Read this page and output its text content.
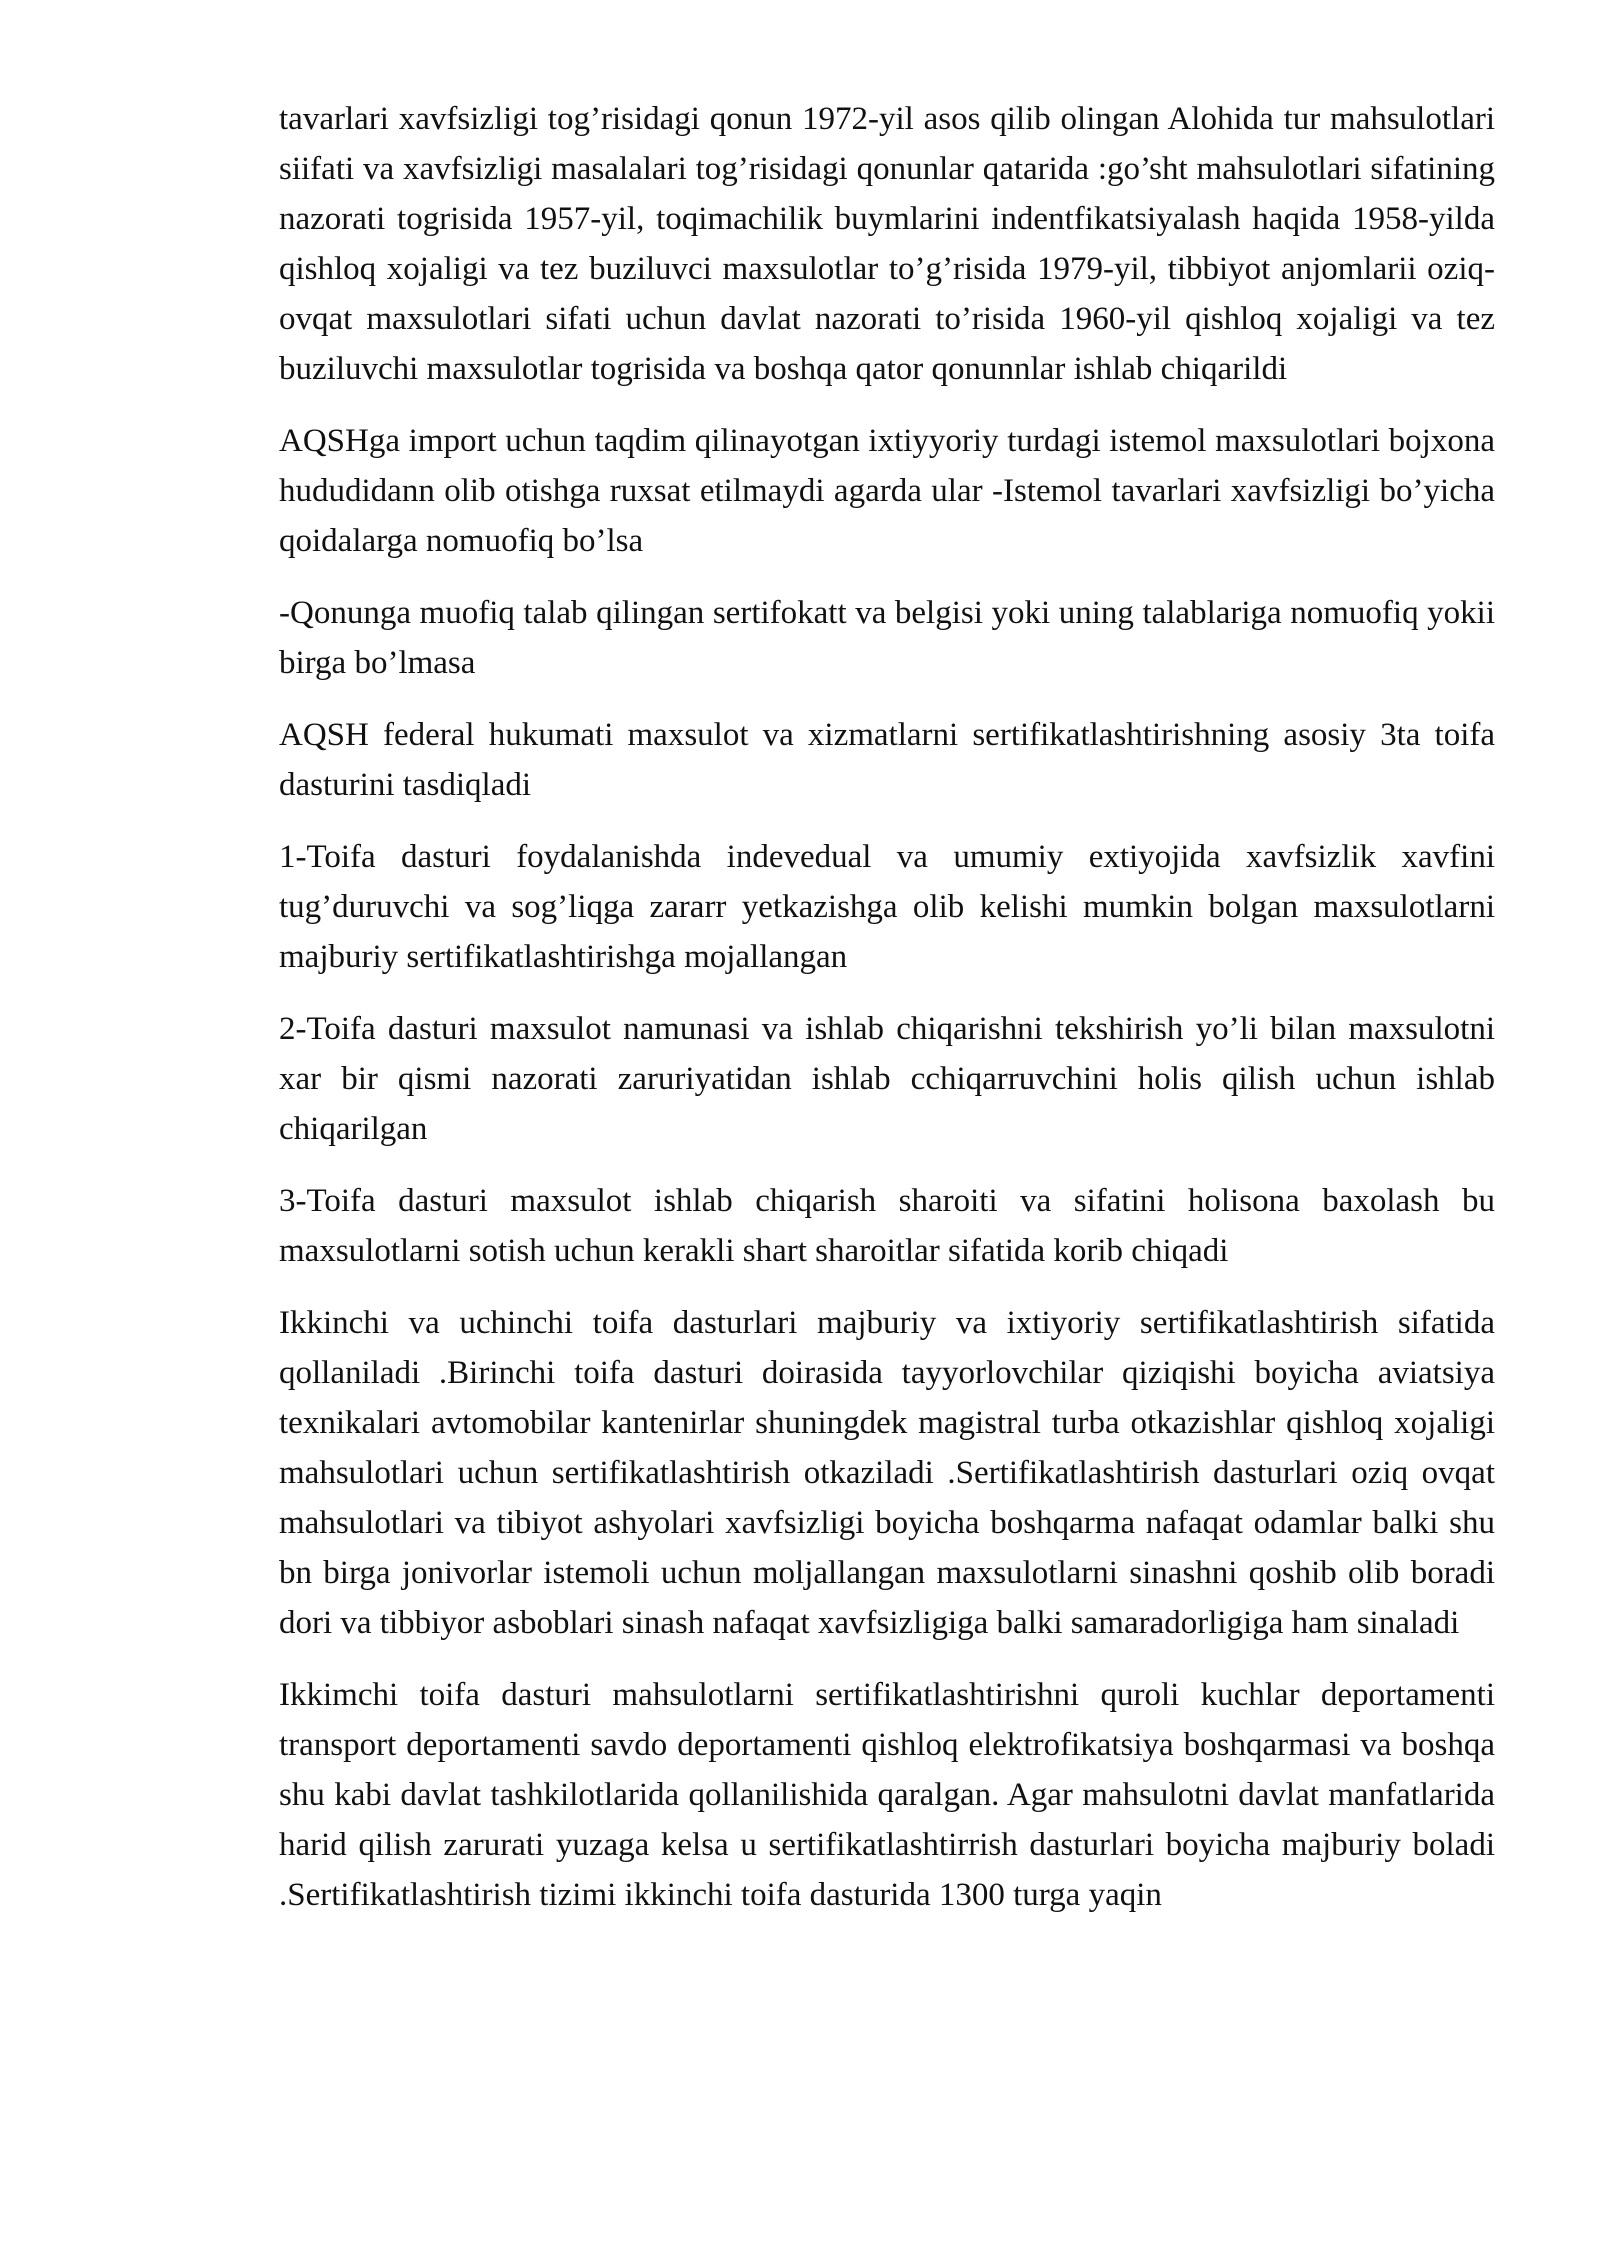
tavarlari xavfsizligi tog’risidagi qonun 1972-yil asos qilib olingan Alohida tur mahsulotlari siifati va xavfsizligi masalalari tog’risidagi qonunlar qatarida :go’sht mahsulotlari sifatining nazorati togrisida 1957-yil, toqimachilik buymlarini indentfikatsiyalash haqida 1958-yilda qishloq xojaligi va tez buziluvci maxsulotlar to’g’risida 1979-yil, tibbiyot anjomlarii oziq-ovqat maxsulotlari sifati uchun davlat nazorati to’risida 1960-yil qishloq xojaligi va tez buziluvchi maxsulotlar togrisida va boshqa qator qonunnlar ishlab chiqarildi

AQSHga import uchun taqdim qilinayotgan ixtiyyoriy turdagi istemol maxsulotlari bojxona hududidann olib otishga ruxsat etilmaydi agarda ular -Istemol tavarlari xavfsizligi bo’yicha qoidalarga nomuofiq bo’lsa

-Qonunga muofiq talab qilingan sertifokatt va belgisi yoki uning talablariga nomuofiq yokii birga bo’lmasa

AQSH federal hukumati maxsulot va xizmatlarni sertifikatlashtirishning asosiy 3ta toifa dasturini tasdiqladi

1-Toifa dasturi foydalanishda indevedual va umumiy extiyojida xavfsizlik xavfini tug’duruvchi va sog’liqga zararr yetkazishga olib kelishi mumkin bolgan maxsulotlarni majburiy sertifikatlashtirishga mojallangan

2-Toifa dasturi maxsulot namunasi va ishlab chiqarishni tekshirish yo’li bilan maxsulotni xar bir qismi nazorati zaruriyatidan ishlab cchiqarruvchini holis qilish uchun ishlab chiqarilgan

3-Toifa dasturi maxsulot ishlab chiqarish sharoiti va sifatini holisona baxolash bu maxsulotlarni sotish uchun kerakli shart sharoitlar sifatida korib chiqadi

Ikkinchi va uchinchi toifa dasturlari majburiy va ixtiyoriy sertifikatlashtirish sifatida qollaniladi .Birinchi toifa dasturi doirasida tayyorlovchilar qiziqishi boyicha aviatsiya texnikalari avtomobilar kantenirlar shuningdek magistral turba otkazishlar qishloq xojaligi mahsulotlari uchun sertifikatlashtirish otkaziladi .Sertifikatlashtirish dasturlari oziq ovqat mahsulotlari va tibiyot ashyolari xavfsizligi boyicha boshqarma nafaqat odamlar balki shu bn birga jonivorlar istemoli uchun moljallangan maxsulotlarni sinashni qoshib olib boradi dori va tibbiyor asboblari sinash nafaqat xavfsizligiga balki samaradorligiga ham sinaladi

Ikkimchi toifa dasturi mahsulotlarni sertifikatlashtirishni quroli kuchlar deportamenti transport deportamenti savdo deportamenti qishloq elektrofikatsiya boshqarmasi va boshqa shu kabi davlat tashkilotlarida qollanilishida qaralgan. Agar mahsulotni davlat manfatlarida harid qilish zarurati yuzaga kelsa u sertifikatlashtirrish dasturlari boyicha majburiy boladi .Sertifikatlashtirish tizimi ikkinchi toifa dasturida 1300 turga yaqin
